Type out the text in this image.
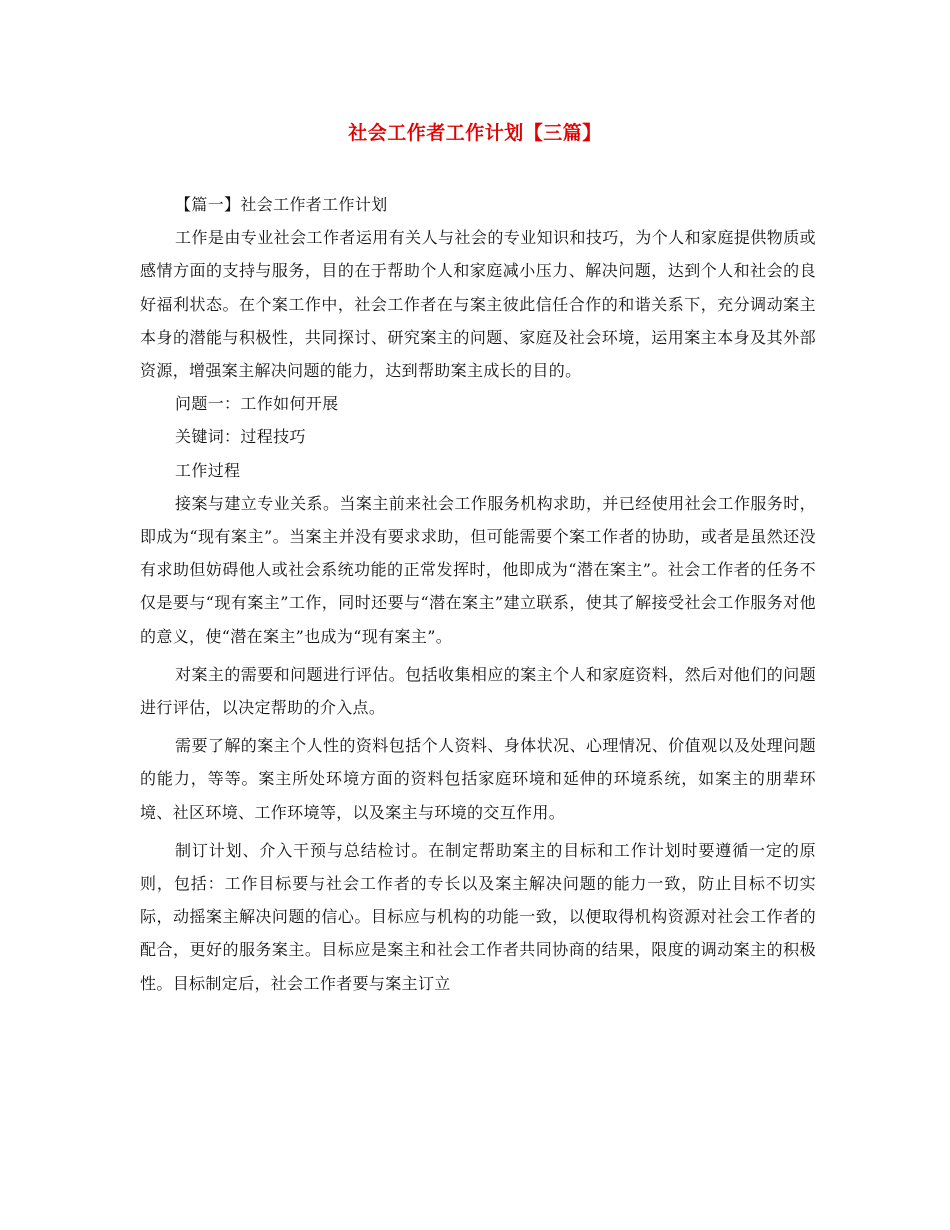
社会工作者工作计划【三篇】

【篇一】社会工作者工作计划

工作是由专业社会工作者运用有关人与社会的专业知识和技巧，为个人和家庭提供物质或感情方面的支持与服务，目的在于帮助个人和家庭减小压力、解决问题，达到个人和社会的良好福利状态。在个案工作中，社会工作者在与案主彼此信任合作的和谐关系下，充分调动案主本身的潜能与积极性，共同探讨、研究案主的问题、家庭及社会环境，运用案主本身及其外部资源，增强案主解决问题的能力，达到帮助案主成长的目的。

问题一：工作如何开展

关键词：过程技巧

工作过程

接案与建立专业关系。当案主前来社会工作服务机构求助，并已经使用社会工作服务时，即成为“现有案主”。当案主并没有要求求助，但可能需要个案工作者的协助，或者是虽然还没有求助但妨碍他人或社会系统功能的正常发挥时，他即成为“潜在案主”。社会工作者的任务不仅是要与“现有案主”工作，同时还要与“潜在案主”建立联系，使其了解接受社会工作服务对他的意义，使“潜在案主”也成为“现有案主”。

对案主的需要和问题进行评估。包括收集相应的案主个人和家庭资料，然后对他们的问题进行评估，以决定帮助的介入点。

需要了解的案主个人性的资料包括个人资料、身体状况、心理情况、价值观以及处理问题的能力，等等。案主所处环境方面的资料包括家庭环境和延伸的环境系统，如案主的朋辈环境、社区环境、工作环境等，以及案主与环境的交互作用。

制订计划、介入干预与总结检讨。在制定帮助案主的目标和工作计划时要遵循一定的原则，包括：工作目标要与社会工作者的专长以及案主解决问题的能力一致，防止目标不切实际，动摇案主解决问题的信心。目标应与机构的功能一致，以便取得机构资源对社会工作者的配合，更好的服务案主。目标应是案主和社会工作者共同协商的结果，限度的调动案主的积极性。目标制定后，社会工作者要与案主订立
